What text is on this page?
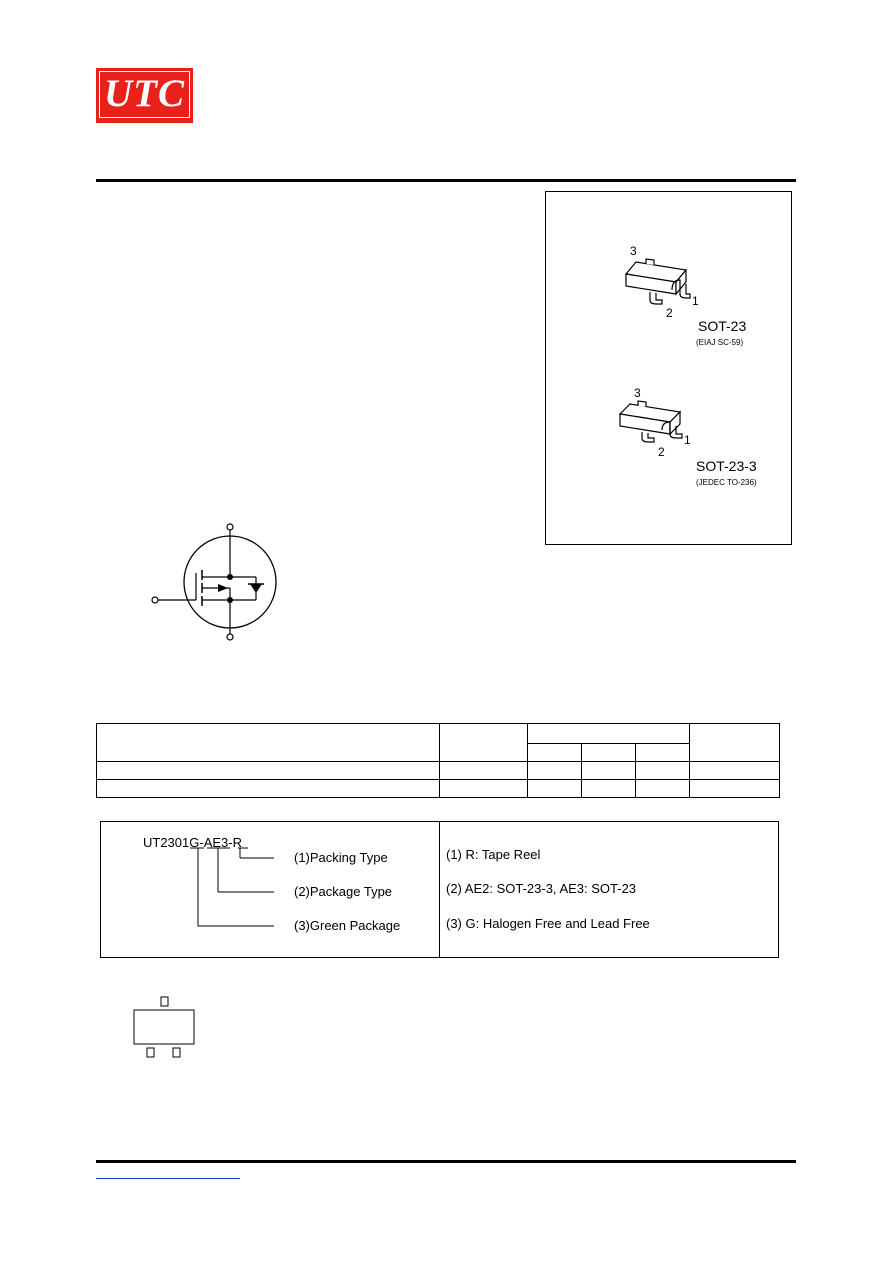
UTC
3
2
1
SOT-23
(EIAJ SC-59)
3
2
1
SOT-23-3
(JEDEC TO-236)

UT2301G-AE3-R
(1)Packing Type
(2)Package Type
(3)Green Package
(1) R: Tape Reel
(2) AE2: SOT-23-3, AE3: SOT-23
(3) G: Halogen Free and Lead Free
